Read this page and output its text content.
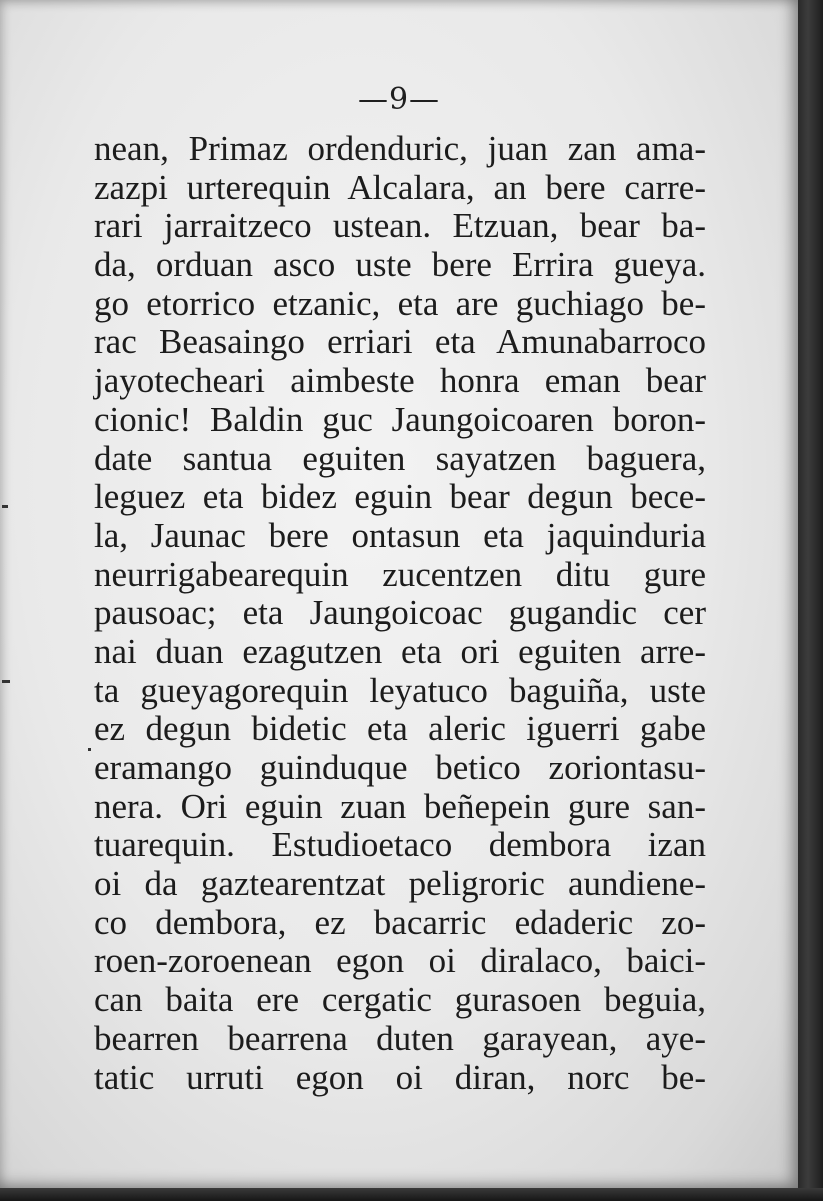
—9—
nean, Primaz ordenduric, juan zan ama-
zazpi urterequin Alcalara, an bere carre-
rari jarraitzeco ustean. Etzuan, bear ba-
da, orduan asco uste bere Errira gueya.
go etorrico etzanic, eta are guchiago be-
rac Beasaingo erriari eta Amunabarroco
jayotecheari aimbeste honra eman bear
cionic! Baldin guc Jaungoicoaren boron-
date santua eguiten sayatzen baguera,
leguez eta bidez eguin bear degun bece-
la, Jaunac bere ontasun eta jaquinduria
neurrigabearequin zucentzen ditu gure
pausoac; eta Jaungoicoac gugandic cer
nai duan ezagutzen eta ori eguiten arre-
ta gueyagorequin leyatuco baguiña, uste
ez degun bidetic eta aleric iguerri gabe
eramango guinduque betico zoriontasu-
nera. Ori eguin zuan beñepein gure san-
tuarequin. Estudioetaco dembora izan
oi da gaztearentzat peligroric aundiene-
co dembora, ez bacarric edaderic zo-
roen-zoroenean egon oi diralaco, baici-
can baita ere cergatic gurasoen beguia,
bearren bearrena duten garayean, aye-
tatic urruti egon oi diran, norc be-
